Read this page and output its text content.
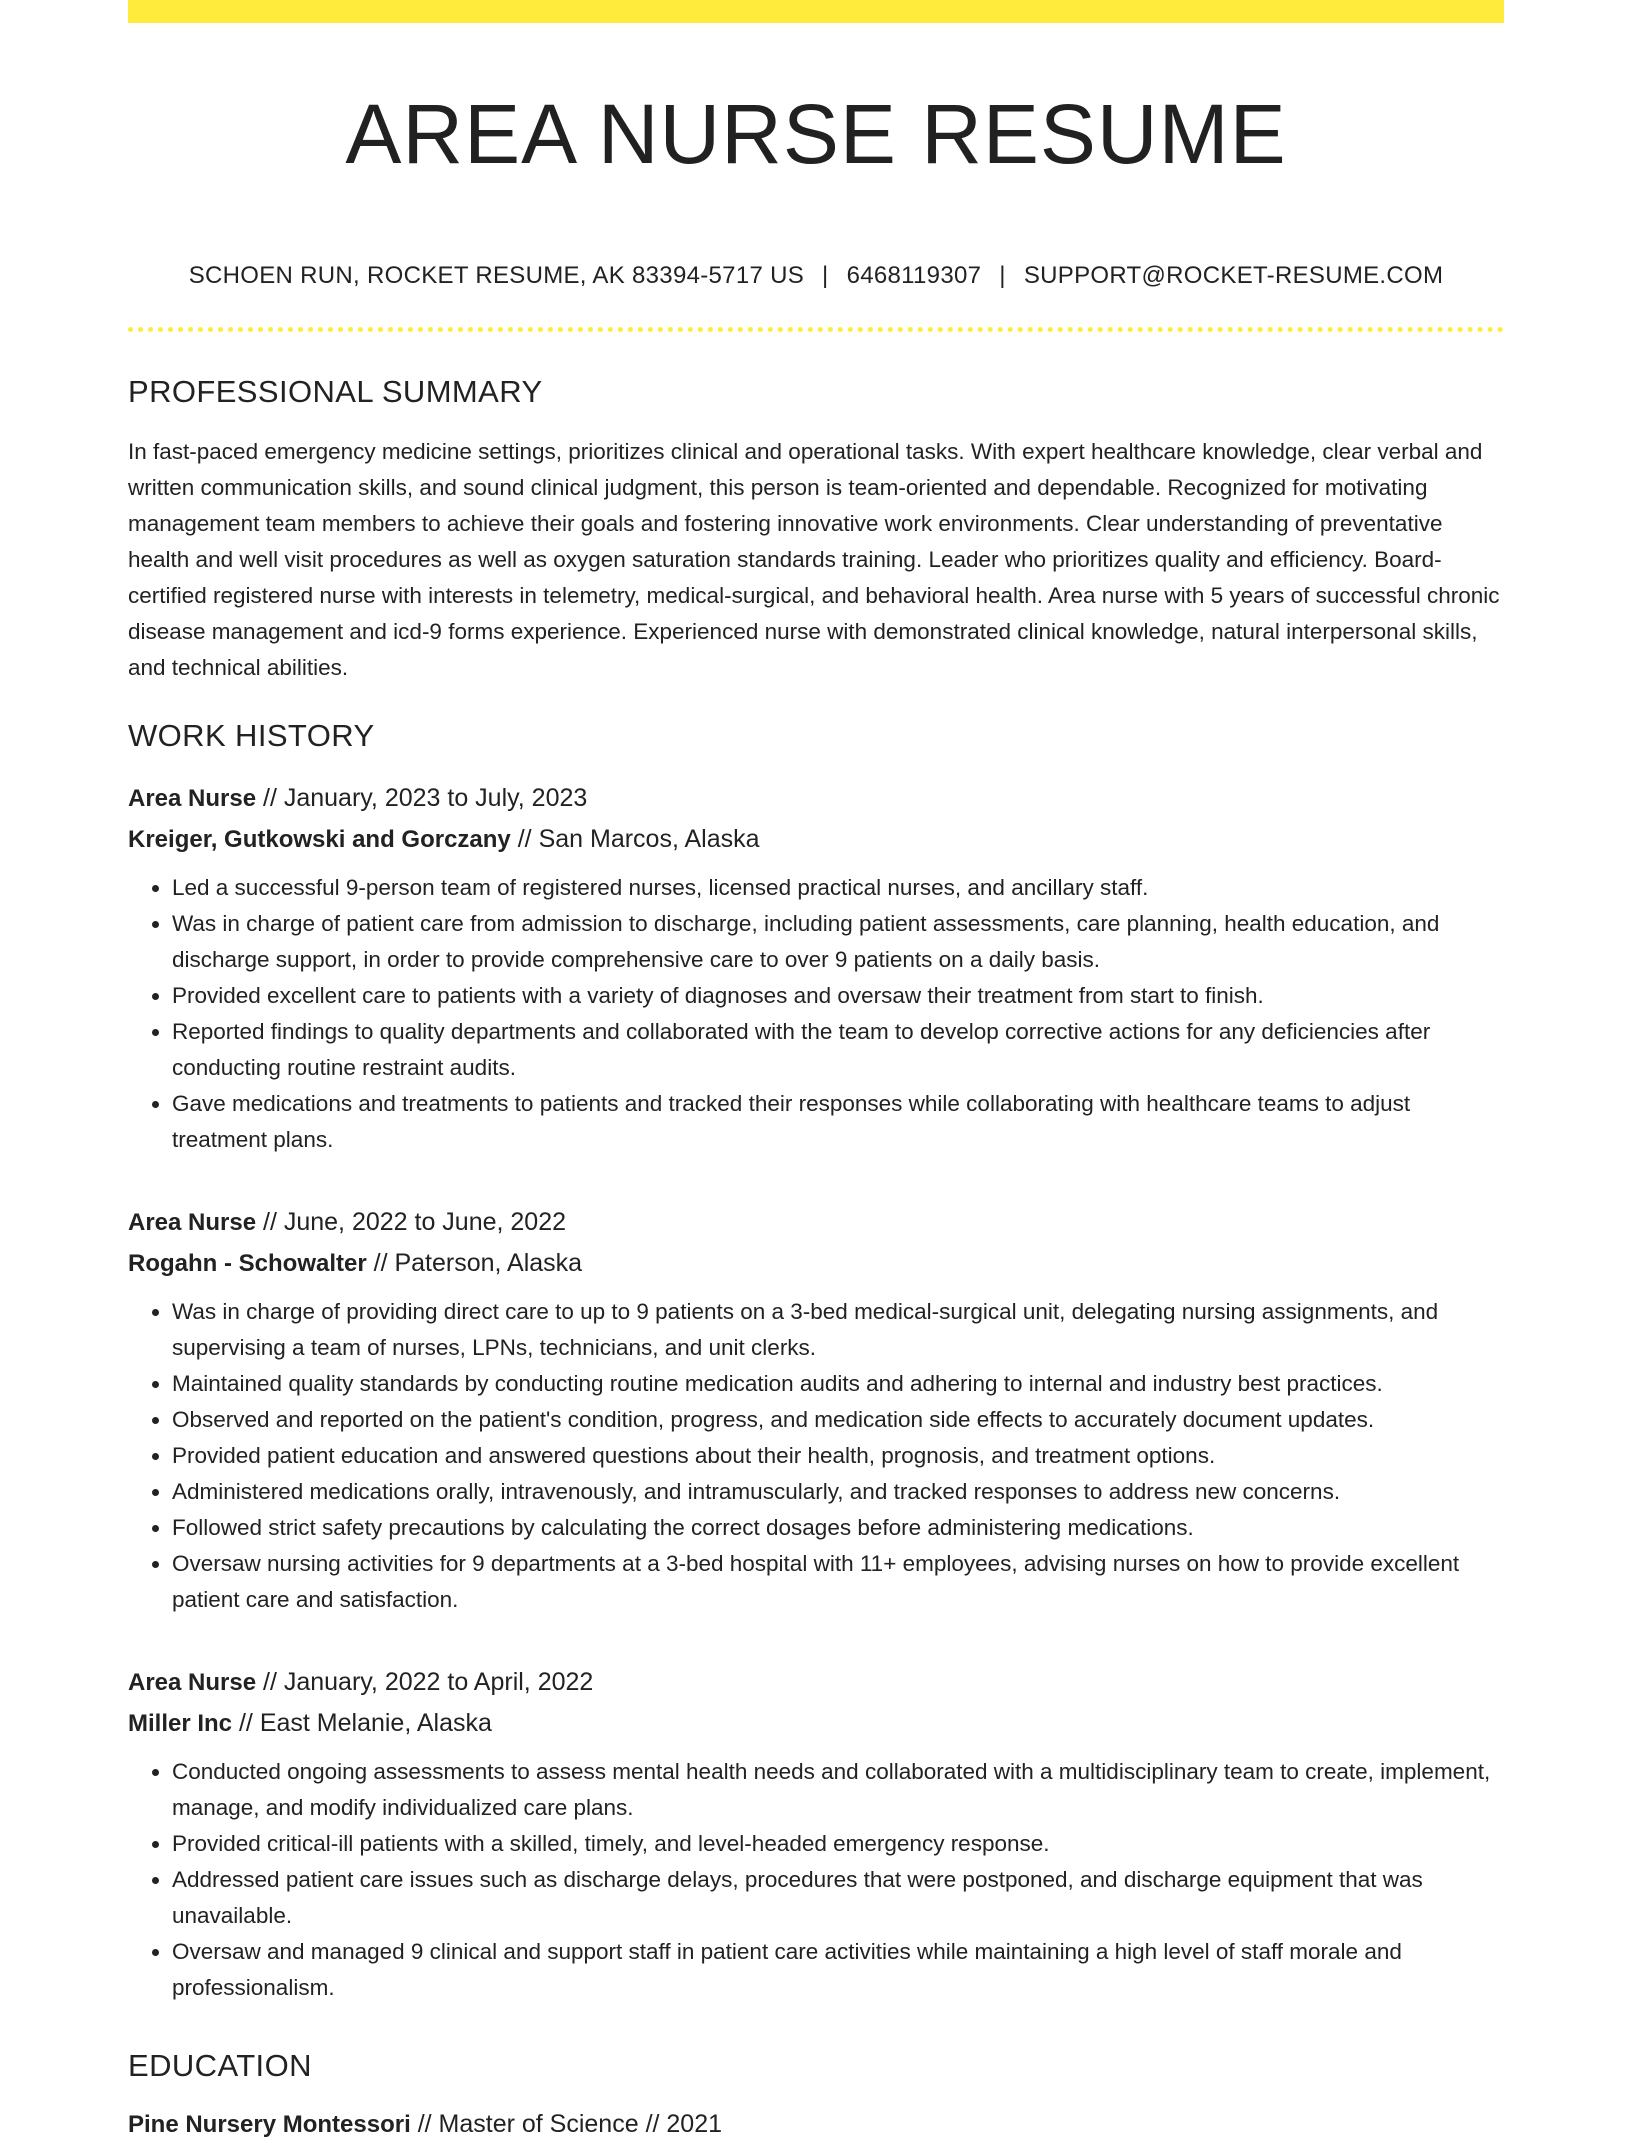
AREA NURSE RESUME
SCHOEN RUN, ROCKET RESUME, AK 83394-5717 US | 6468119307 | SUPPORT@ROCKET-RESUME.COM
PROFESSIONAL SUMMARY

In fast-paced emergency medicine settings, prioritizes clinical and operational tasks. With expert healthcare knowledge, clear verbal and written communication skills, and sound clinical judgment, this person is team-oriented and dependable. Recognized for motivating management team members to achieve their goals and fostering innovative work environments. Clear understanding of preventative health and well visit procedures as well as oxygen saturation standards training. Leader who prioritizes quality and efficiency. Board-certified registered nurse with interests in telemetry, medical-surgical, and behavioral health. Area nurse with 5 years of successful chronic disease management and icd-9 forms experience. Experienced nurse with demonstrated clinical knowledge, natural interpersonal skills, and technical abilities.

WORK HISTORY
Area Nurse // January, 2023 to July, 2023
Kreiger, Gutkowski and Gorczany // San Marcos, Alaska
• Led a successful 9-person team of registered nurses, licensed practical nurses, and ancillary staff.
• Was in charge of patient care from admission to discharge, including patient assessments, care planning, health education, and discharge support, in order to provide comprehensive care to over 9 patients on a daily basis.
• Provided excellent care to patients with a variety of diagnoses and oversaw their treatment from start to finish.
• Reported findings to quality departments and collaborated with the team to develop corrective actions for any deficiencies after conducting routine restraint audits.
• Gave medications and treatments to patients and tracked their responses while collaborating with healthcare teams to adjust treatment plans.
Area Nurse // June, 2022 to June, 2022
Rogahn - Schowalter // Paterson, Alaska
• Was in charge of providing direct care to up to 9 patients on a 3-bed medical-surgical unit, delegating nursing assignments, and supervising a team of nurses, LPNs, technicians, and unit clerks.
• Maintained quality standards by conducting routine medication audits and adhering to internal and industry best practices.
• Observed and reported on the patient's condition, progress, and medication side effects to accurately document updates.
• Provided patient education and answered questions about their health, prognosis, and treatment options.
• Administered medications orally, intravenously, and intramuscularly, and tracked responses to address new concerns.
• Followed strict safety precautions by calculating the correct dosages before administering medications.
• Oversaw nursing activities for 9 departments at a 3-bed hospital with 11+ employees, advising nurses on how to provide excellent patient care and satisfaction.
Area Nurse // January, 2022 to April, 2022
Miller Inc // East Melanie, Alaska
• Conducted ongoing assessments to assess mental health needs and collaborated with a multidisciplinary team to create, implement, manage, and modify individualized care plans.
• Provided critical-ill patients with a skilled, timely, and level-headed emergency response.
• Addressed patient care issues such as discharge delays, procedures that were postponed, and discharge equipment that was unavailable.
• Oversaw and managed 9 clinical and support staff in patient care activities while maintaining a high level of staff morale and professionalism.
EDUCATION
Pine Nursery Montessori // Master of Science // 2021
